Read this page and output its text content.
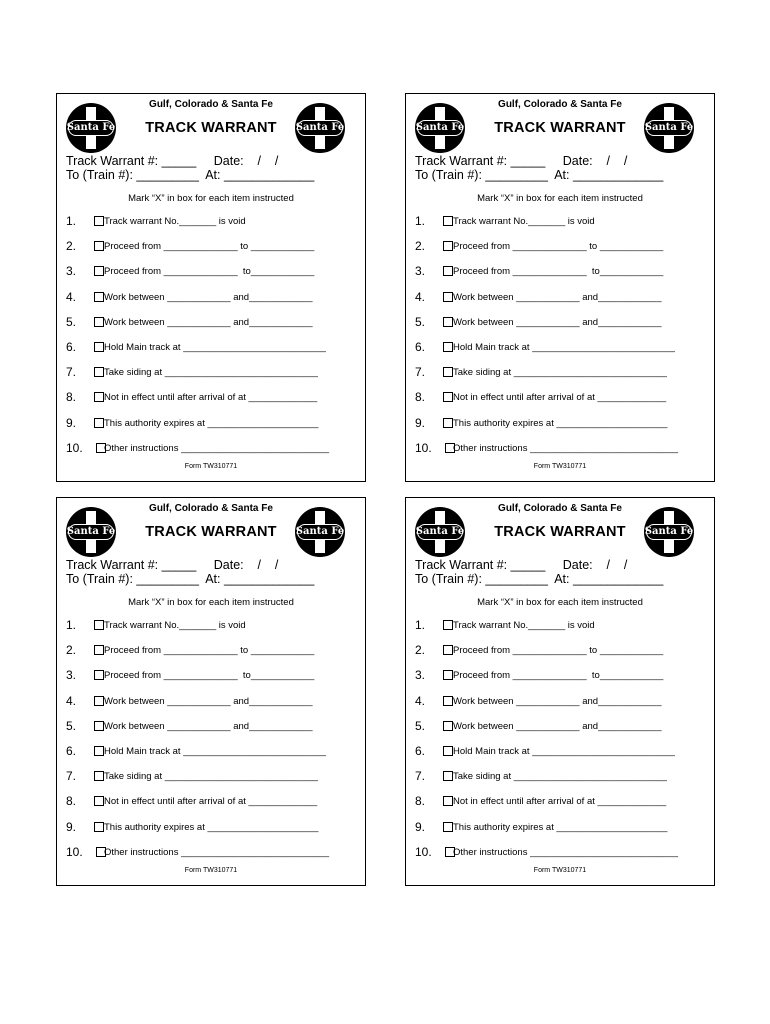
Gulf, Colorado & Santa Fe
Santa Fe	Santa Fe
TRACK WARRANT
Track Warrant #: _____     Date:    /    /
To (Train #): _________  At: _____________
Mark “X” in box for each item instructed
1.	Track warrant No._______ is void
2.	Proceed from ______________ to ____________
3.	Proceed from ______________  to____________
4.	Work between ____________ and____________
5.	Work between ____________ and____________
6.	Hold Main track at ___________________________
7.	Take siding at _____________________________
8.	Not in effect until after arrival of at _____________
9.	This authority expires at _____________________
10.	Other instructions ____________________________
Form TW310771
Gulf, Colorado & Santa Fe
Santa Fe	Santa Fe
TRACK WARRANT
Track Warrant #: _____     Date:    /    /
To (Train #): _________  At: _____________
Mark “X” in box for each item instructed
1.	Track warrant No._______ is void
2.	Proceed from ______________ to ____________
3.	Proceed from ______________  to____________
4.	Work between ____________ and____________
5.	Work between ____________ and____________
6.	Hold Main track at ___________________________
7.	Take siding at _____________________________
8.	Not in effect until after arrival of at _____________
9.	This authority expires at _____________________
10.	Other instructions ____________________________
Form TW310771
Gulf, Colorado & Santa Fe
Santa Fe	Santa Fe
TRACK WARRANT
Track Warrant #: _____     Date:    /    /
To (Train #): _________  At: _____________
Mark “X” in box for each item instructed
1.	Track warrant No._______ is void
2.	Proceed from ______________ to ____________
3.	Proceed from ______________  to____________
4.	Work between ____________ and____________
5.	Work between ____________ and____________
6.	Hold Main track at ___________________________
7.	Take siding at _____________________________
8.	Not in effect until after arrival of at _____________
9.	This authority expires at _____________________
10.	Other instructions ____________________________
Form TW310771
Gulf, Colorado & Santa Fe
Santa Fe	Santa Fe
TRACK WARRANT
Track Warrant #: _____     Date:    /    /
To (Train #): _________  At: _____________
Mark “X” in box for each item instructed
1.	Track warrant No._______ is void
2.	Proceed from ______________ to ____________
3.	Proceed from ______________  to____________
4.	Work between ____________ and____________
5.	Work between ____________ and____________
6.	Hold Main track at ___________________________
7.	Take siding at _____________________________
8.	Not in effect until after arrival of at _____________
9.	This authority expires at _____________________
10.	Other instructions ____________________________
Form TW310771
